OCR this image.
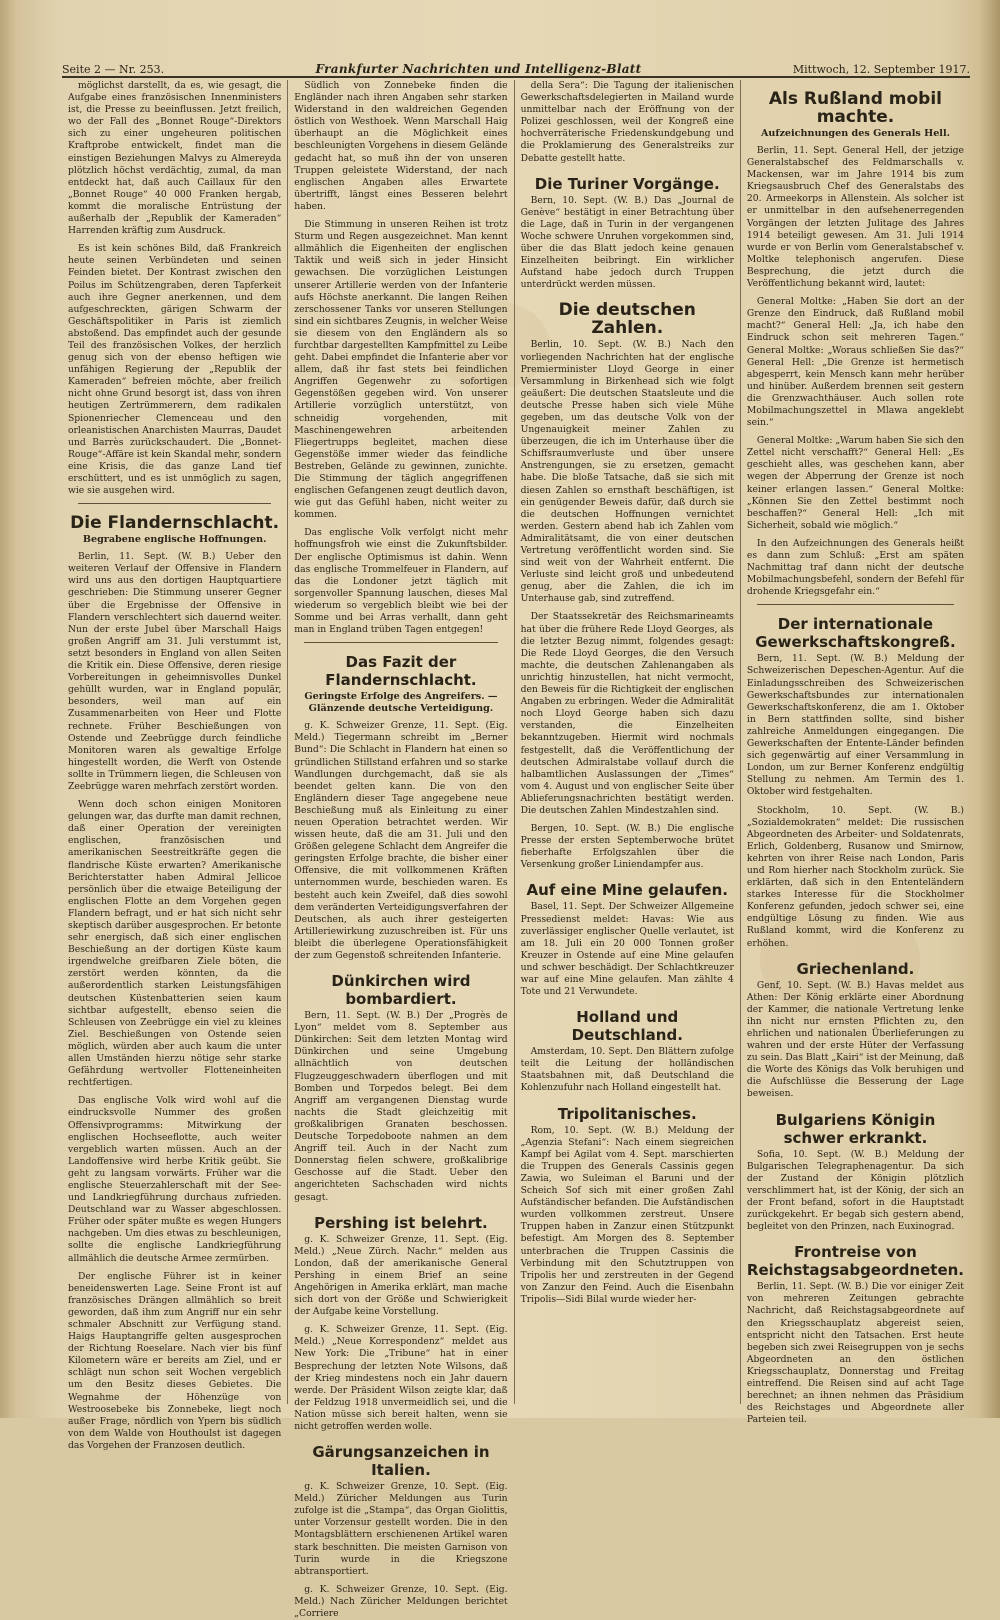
Seite 2 — Nr. 253.	Frankfurter Nachrichten und Intelligenz-Blatt	Mittwoch, 12. September 1917.

möglichst darstellt, da es, wie gesagt, die Aufgabe eines französischen Innenministers ist, die Presse zu beeinflussen. Jetzt freilich, wo der Fall des „Bonnet Rouge“-Direktors sich zu einer ungeheuren politischen Kraftprobe entwickelt, findet man die einstigen Beziehungen Malvys zu Almereyda plötzlich höchst verdächtig, zumal, da man entdeckt hat, daß auch Caillaux für den „Bonnet Rouge“ 40 000 Franken hergab, kommt die moralische Entrüstung der außerhalb der „Republik der Kameraden“ Harrenden kräftig zum Ausdruck.

Es ist kein schönes Bild, daß Frankreich heute seinen Verbündeten und seinen Feinden bietet. Der Kontrast zwischen den Poilus im Schützengraben, deren Tapferkeit auch ihre Gegner anerkennen, und dem aufgeschreckten, gärigen Schwarm der Geschäftspolitiker in Paris ist ziemlich abstoßend. Das empfindet auch der gesunde Teil des französischen Volkes, der herzlich genug sich von der ebenso heftigen wie unfähigen Regierung der „Republik der Kameraden“ befreien möchte, aber freilich nicht ohne Grund besorgt ist, dass von ihren heutigen Zertrümmerern, dem radikalen Spionenriecher Clemenceau und den orleanistischen Anarchisten Maurras, Daudet und Barrès zurückschaudert. Die „Bonnet-Rouge“-Affäre ist kein Skandal mehr, sondern eine Krisis, die das ganze Land tief erschüttert, und es ist unmöglich zu sagen, wie sie ausgehen wird.

Die Flandernschlacht.
Begrabene englische Hoffnungen.

Berlin, 11. Sept. (W. B.) Ueber den weiteren Verlauf der Offensive in Flandern wird uns aus den dortigen Hauptquartiere geschrieben: Die Stimmung unserer Gegner über die Ergebnisse der Offensive in Flandern verschlechtert sich dauernd weiter. Nun der erste Jubel über Marschall Haigs großen Angriff am 31. Juli verstummt ist, setzt besonders in England von allen Seiten die Kritik ein. Diese Offensive, deren riesige Vorbereitungen in geheimnisvolles Dunkel gehüllt wurden, war in England populär, besonders, weil man auf ein Zusammenarbeiten von Heer und Flotte rechnete. Früher Beschießungen von Ostende und Zeebrügge durch feindliche Monitoren waren als gewaltige Erfolge hingestellt worden, die Werft von Ostende sollte in Trümmern liegen, die Schleusen von Zeebrügge waren mehrfach zerstört worden.

Wenn doch schon einigen Monitoren gelungen war, das durfte man damit rechnen, daß einer Operation der vereinigten englischen, französischen und amerikanischen Seestreitkräfte gegen die flandrische Küste erwarten? Amerikanische Berichterstatter haben Admiral Jellicoe persönlich über die etwaige Beteiligung der englischen Flotte an dem Vorgehen gegen Flandern befragt, und er hat sich nicht sehr skeptisch darüber ausgesprochen. Er betonte sehr energisch, daß sich einer englischen Beschießung an der dortigen Küste kaum irgendwelche greifbaren Ziele böten, die zerstört werden könnten, da die außerordentlich starken Leistungsfähigen deutschen Küstenbatterien seien kaum sichtbar aufgestellt, ebenso seien die Schleusen von Zeebrügge ein viel zu kleines Ziel. Beschießungen von Ostende seien möglich, würden aber auch kaum die unter allen Umständen hierzu nötige sehr starke Gefährdung wertvoller Flotteneinheiten rechtfertigen.

Das englische Volk wird wohl auf die eindrucksvolle Nummer des großen Offensivprogramms: Mitwirkung der englischen Hochseeflotte, auch weiter vergeblich warten müssen. Auch an der Landoffensive wird herbe Kritik geübt. Sie geht zu langsam vorwärts. Früher war die englische Steuerzahlerschaft mit der See- und Landkriegführung durchaus zufrieden. Deutschland war zu Wasser abgeschlossen. Früher oder später mußte es wegen Hungers nachgeben. Um dies etwas zu beschleunigen, sollte die englische Landkriegführung allmählich die deutsche Armee zermürben.

Der englische Führer ist in keiner beneidenswerten Lage. Seine Front ist auf französisches Drängen allmählich so breit geworden, daß ihm zum Angriff nur ein sehr schmaler Abschnitt zur Verfügung stand. Haigs Hauptangriffe gelten ausgesprochen der Richtung Roeselare. Nach vier bis fünf Kilometern wäre er bereits am Ziel, und er schlägt nun schon seit Wochen vergeblich um den Besitz dieses Gebietes. Die Wegnahme der Höhenzüge von Westroosebeke bis Zonnebeke, liegt noch außer Frage, nördlich von Ypern bis südlich von dem Walde von Houthoulst ist dagegen das Vorgehen der Franzosen deutlich.

Südlich von Zonnebeke finden die Engländer nach ihren Angaben sehr starken Widerstand in den waldreichen Gegenden östlich von Westhoek. Wenn Marschall Haig überhaupt an die Möglichkeit eines beschleunigten Vorgehens in diesem Gelände gedacht hat, so muß ihn der von unseren Truppen geleistete Widerstand, der nach englischen Angaben alles Erwartete übertrifft, längst eines Besseren belehrt haben.

Die Stimmung in unseren Reihen ist trotz Sturm und Regen ausgezeichnet. Man kennt allmählich die Eigenheiten der englischen Taktik und weiß sich in jeder Hinsicht gewachsen. Die vorzüglichen Leistungen unserer Artillerie werden von der Infanterie aufs Höchste anerkannt. Die langen Reihen zerschossener Tanks vor unseren Stellungen sind ein sichtbares Zeugnis, in welcher Weise sie diesem von den Engländern als so furchtbar dargestellten Kampfmittel zu Leibe geht. Dabei empfindet die Infanterie aber vor allem, daß ihr fast stets bei feindlichen Angriffen Gegenwehr zu sofortigen Gegenstößen gegeben wird. Von unserer Artillerie vorzüglich unterstützt, von schneidig vorgehenden, mit Maschinengewehren arbeitenden Fliegertrupps begleitet, machen diese Gegenstöße immer wieder das feindliche Bestreben, Gelände zu gewinnen, zunichte. Die Stimmung der täglich angegriffenen englischen Gefangenen zeugt deutlich davon, wie gut das Gefühl haben, nicht weiter zu kommen.

Das englische Volk verfolgt nicht mehr hoffnungsfroh wie einst die Zukunftsbilder. Der englische Optimismus ist dahin. Wenn das englische Trommelfeuer in Flandern, auf das die Londoner jetzt täglich mit sorgenvoller Spannung lauschen, dieses Mal wiederum so vergeblich bleibt wie bei der Somme und bei Arras verhallt, dann geht man in England trüben Tagen entgegen!

Das Fazit der Flandernschlacht.
Geringste Erfolge des Angreifers. — Glänzende deutsche Verteidigung.

g. K. Schweizer Grenze, 11. Sept. (Eig. Meld.) Tiegermann schreibt im „Berner Bund“: Die Schlacht in Flandern hat einen so gründlichen Stillstand erfahren und so starke Wandlungen durchgemacht, daß sie als beendet gelten kann. Die von den Engländern dieser Tage angegebene neue Beschießung muß als Einleitung zu einer neuen Operation betrachtet werden. Wir wissen heute, daß die am 31. Juli und den Größen gelegene Schlacht dem Angreifer die geringsten Erfolge brachte, die bisher einer Offensive, die mit vollkommenen Kräften unternommen wurde, beschieden waren. Es besteht auch kein Zweifel, daß dies sowohl dem veränderten Verteidigungsverfahren der Deutschen, als auch ihrer gesteigerten Artilleriewirkung zuzuschreiben ist. Für uns bleibt die überlegene Operationsfähigkeit der zum Gegenstoß schreitenden Infanterie.

Dünkirchen wird bombardiert.

Bern, 11. Sept. (W. B.) Der „Progrès de Lyon“ meldet vom 8. September aus Dünkirchen: Seit dem letzten Montag wird Dünkirchen und seine Umgebung allnächtlich von deutschen Flugzeuggeschwadern überflogen und mit Bomben und Torpedos belegt. Bei dem Angriff am vergangenen Dienstag wurde nachts die Stadt gleichzeitig mit großkalibrigen Granaten beschossen. Deutsche Torpedoboote nahmen an dem Angriff teil. Auch in der Nacht zum Donnerstag fielen schwere, großkalibrige Geschosse auf die Stadt. Ueber den angerichteten Sachschaden wird nichts gesagt.

Pershing ist belehrt.

g. K. Schweizer Grenze, 11. Sept. (Eig. Meld.) „Neue Zürch. Nachr.“ melden aus London, daß der amerikanische General Pershing in einem Brief an seine Angehörigen in Amerika erklärt, man mache sich dort von der Größe und Schwierigkeit der Aufgabe keine Vorstellung.

g. K. Schweizer Grenze, 11. Sept. (Eig. Meld.) „Neue Korrespondenz“ meldet aus New York: Die „Tribune“ hat in einer Besprechung der letzten Note Wilsons, daß der Krieg mindestens noch ein Jahr dauern werde. Der Präsident Wilson zeigte klar, daß der Feldzug 1918 unvermeidlich sei, und die Nation müsse sich bereit halten, wenn sie nicht getroffen werden wolle.

Gärungsanzeichen in Italien.

g. K. Schweizer Grenze, 10. Sept. (Eig. Meld.) Züricher Meldungen aus Turin zufolge ist die „Stampa“, das Organ Giolittis, unter Vorzensur gestellt worden. Die in den Montagsblättern erschienenen Artikel waren stark beschnitten. Die meisten Garnison von Turin wurde in die Kriegszone abtransportiert.

g. K. Schweizer Grenze, 10. Sept. (Eig. Meld.) Nach Züricher Meldungen berichtet „Corriere

della Sera“: Die Tagung der italienischen Gewerkschaftsdelegierten in Mailand wurde unmittelbar nach der Eröffnung von der Polizei geschlossen, weil der Kongreß eine hochverräterische Friedenskundgebung und die Proklamierung des Generalstreiks zur Debatte gestellt hatte.

Die Turiner Vorgänge.

Bern, 10. Sept. (W. B.) Das „Journal de Genève“ bestätigt in einer Betrachtung über die Lage, daß in Turin in der vergangenen Woche schwere Unruhen vorgekommen sind, über die das Blatt jedoch keine genauen Einzelheiten beibringt. Ein wirklicher Aufstand habe jedoch durch Truppen unterdrückt werden müssen.

Die deutschen Zahlen.

Berlin, 10. Sept. (W. B.) Nach den vorliegenden Nachrichten hat der englische Premierminister Lloyd George in einer Versammlung in Birkenhead sich wie folgt geäußert: Die deutschen Staatsleute und die deutsche Presse haben sich viele Mühe gegeben, um das deutsche Volk von der Ungenauigkeit meiner Zahlen zu überzeugen, die ich im Unterhause über die Schiffsraumverluste und über unsere Anstrengungen, sie zu ersetzen, gemacht habe. Die bloße Tatsache, daß sie sich mit diesen Zahlen so ernsthaft beschäftigen, ist ein genügender Beweis dafür, daß durch sie die deutschen Hoffnungen vernichtet werden. Gestern abend hab ich Zahlen vom Admiralitätsamt, die von einer deutschen Vertretung veröffentlicht worden sind. Sie sind weit von der Wahrheit entfernt. Die Verluste sind leicht groß und unbedeutend genug, aber die Zahlen, die ich im Unterhause gab, sind zutreffend.

Der Staatssekretär des Reichsmarineamts hat über die frühere Rede Lloyd Georges, als die letzter Bezug nimmt, folgendes gesagt: Die Rede Lloyd Georges, die den Versuch machte, die deutschen Zahlenangaben als unrichtig hinzustellen, hat nicht vermocht, den Beweis für die Richtigkeit der englischen Angaben zu erbringen. Weder die Admiralität noch Lloyd George haben sich dazu verstanden, die Einzelheiten bekanntzugeben. Hiermit wird nochmals festgestellt, daß die Veröffentlichung der deutschen Admiralstabe vollauf durch die halbamtlichen Auslassungen der „Times“ vom 4. August und von englischer Seite über Ablieferungsnachrichten bestätigt werden. Die deutschen Zahlen Mindestzahlen sind.

Bergen, 10. Sept. (W. B.) Die englische Presse der ersten Septemberwoche brütet fieberhafte Erfolgszahlen über die Versenkung großer Liniendampfer aus.

Auf eine Mine gelaufen.

Basel, 11. Sept. Der Schweizer Allgemeine Pressedienst meldet: Havas: Wie aus zuverlässiger englischer Quelle verlautet, ist am 18. Juli ein 20 000 Tonnen großer Kreuzer in Ostende auf eine Mine gelaufen und schwer beschädigt. Der Schlachtkreuzer war auf eine Mine gelaufen. Man zählte 4 Tote und 21 Verwundete.

Holland und Deutschland.

Amsterdam, 10. Sept. Den Blättern zufolge teilt die Leitung der holländischen Staatsbahnen mit, daß Deutschland die Kohlenzufuhr nach Holland eingestellt hat.

Tripolitanisches.

Rom, 10. Sept. (W. B.) Meldung der „Agenzia Stefani“: Nach einem siegreichen Kampf bei Agilat vom 4. Sept. marschierten die Truppen des Generals Cassinis gegen Zawia, wo Suleiman el Baruni und der Scheich Sof sich mit einer großen Zahl Aufständischer befanden. Die Aufständischen wurden vollkommen zerstreut. Unsere Truppen haben in Zanzur einen Stützpunkt befestigt. Am Morgen des 8. September unterbrachen die Truppen Cassinis die Verbindung mit den Schutztruppen von Tripolis her und zerstreuten in der Gegend von Zanzur den Feind. Auch die Eisenbahn Tripolis—Sidi Bilal wurde wieder her-

Als Rußland mobil machte.
Aufzeichnungen des Generals Hell.

Berlin, 11. Sept. General Hell, der jetzige Generalstabschef des Feldmarschalls v. Mackensen, war im Jahre 1914 bis zum Kriegsausbruch Chef des Generalstabs des 20. Armeekorps in Allenstein. Als solcher ist er unmittelbar in den aufsehenerregenden Vorgängen der letzten Julitage des Jahres 1914 beteiligt gewesen. Am 31. Juli 1914 wurde er von Berlin vom Generalstabschef v. Moltke telephonisch angerufen. Diese Besprechung, die jetzt durch die Veröffentlichung bekannt wird, lautet:

General Moltke: „Haben Sie dort an der Grenze den Eindruck, daß Rußland mobil macht?“ General Hell: „Ja, ich habe den Eindruck schon seit mehreren Tagen.“ General Moltke: „Woraus schließen Sie das?“ General Hell: „Die Grenze ist hermetisch abgesperrt, kein Mensch kann mehr herüber und hinüber. Außerdem brennen seit gestern die Grenzwachthäuser. Auch sollen rote Mobilmachungszettel in Mlawa angeklebt sein.“

General Moltke: „Warum haben Sie sich den Zettel nicht verschafft?“ General Hell: „Es geschieht alles, was geschehen kann, aber wegen der Abperrung der Grenze ist noch keiner erlangen lassen.“ General Moltke: „Können Sie den Zettel bestimmt noch beschaffen?“ General Hell: „Ich mit Sicherheit, sobald wie möglich.“

In den Aufzeichnungen des Generals heißt es dann zum Schluß: „Erst am späten Nachmittag traf dann nicht der deutsche Mobilmachungsbefehl, sondern der Befehl für drohende Kriegsgefahr ein.“

Der internationale Gewerkschaftskongreß.

Bern, 11. Sept. (W. B.) Meldung der Schweizerischen Depeschen-Agentur. Auf die Einladungsschreiben des Schweizerischen Gewerkschaftsbundes zur internationalen Gewerkschaftskonferenz, die am 1. Oktober in Bern stattfinden sollte, sind bisher zahlreiche Anmeldungen eingegangen. Die Gewerkschaften der Entente-Länder befinden sich gegenwärtig auf einer Versammlung in London, um zur Berner Konferenz endgültig Stellung zu nehmen. Am Termin des 1. Oktober wird festgehalten.

Stockholm, 10. Sept. (W. B.) „Sozialdemokraten“ meldet: Die russischen Abgeordneten des Arbeiter- und Soldatenrats, Erlich, Goldenberg, Rusanow und Smirnow, kehrten von ihrer Reise nach London, Paris und Rom hierher nach Stockholm zurück. Sie erklärten, daß sich in den Ententeländern starkes Interesse für die Stockholmer Konferenz gefunden, jedoch schwer sei, eine endgültige Lösung zu finden. Wie aus Rußland kommt, wird die Konferenz zu erhöhen.

Griechenland.

Genf, 10. Sept. (W. B.) Havas meldet aus Athen: Der König erklärte einer Abordnung der Kammer, die nationale Vertretung lenke ihn nicht nur ernsten Pflichten zu, den ehrlichen und nationalen Überlieferungen zu wahren und der erste Hüter der Verfassung zu sein. Das Blatt „Kairi“ ist der Meinung, daß die Worte des Königs das Volk beruhigen und die Aufschlüsse die Besserung der Lage beweisen.

Bulgariens Königin schwer erkrankt.

Sofia, 10. Sept. (W. B.) Meldung der Bulgarischen Telegraphenagentur. Da sich der Zustand der Königin plötzlich verschlimmert hat, ist der König, der sich an der Front befand, sofort in die Hauptstadt zurückgekehrt. Er begab sich gestern abend, begleitet von den Prinzen, nach Euxinograd.

Frontreise von Reichstagsabgeordneten.

Berlin, 11. Sept. (W. B.) Die vor einiger Zeit von mehreren Zeitungen gebrachte Nachricht, daß Reichstagsabgeordnete auf den Kriegsschauplatz abgereist seien, entspricht nicht den Tatsachen. Erst heute begeben sich zwei Reisegruppen von je sechs Abgeordneten an den östlichen Kriegsschauplatz, Donnerstag und Freitag eintreffend. Die Reisen sind auf acht Tage berechnet; an ihnen nehmen das Präsidium des Reichstages und Abgeordnete aller Parteien teil.
